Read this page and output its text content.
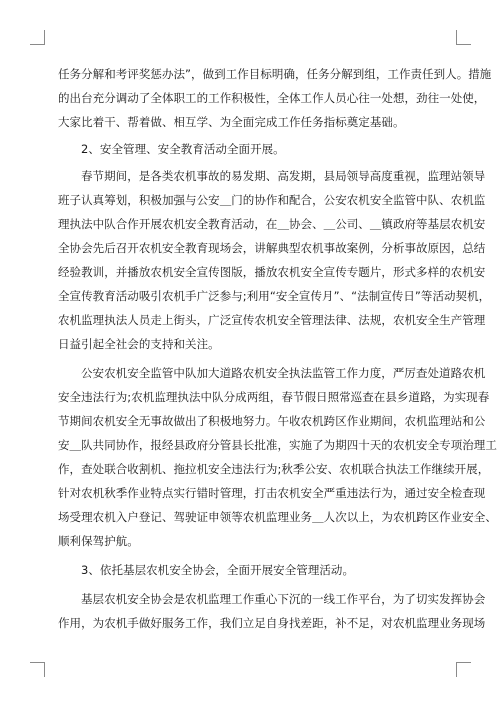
任务分解和考评奖惩办法”，做到工作目标明确，任务分解到组，工作责任到人。措施
的出台充分调动了全体职工的工作积极性，全体工作人员心往一处想，劲往一处使，
大家比着干、帮着做、相互学、为全面完成工作任务指标奠定基础。

2、安全管理、安全教育活动全面开展。

春节期间，是各类农机事故的易发期、高发期，县局领导高度重视，监理站领导
班子认真筹划，积极加强与公安＿门的协作和配合，公安农机安全监管中队、农机监
理执法中队合作开展农机安全教育活动，在＿协会、＿公司、＿镇政府等基层农机安
全协会先后召开农机安全教育现场会，讲解典型农机事故案例，分析事故原因，总结
经验教训，并播放农机安全宣传图版，播放农机安全宣传专题片，形式多样的农机安
全宣传教育活动吸引农机手广泛参与;利用“安全宣传月”、“法制宣传日”等活动契机，
农机监理执法人员走上街头，广泛宣传农机安全管理法律、法规，农机安全生产管理
日益引起全社会的支持和关注。

公安农机安全监管中队加大道路农机安全执法监管工作力度，严厉查处道路农机
安全违法行为;农机监理执法中队分成两组，春节假日照常巡查在县乡道路，为实现春
节期间农机安全无事故做出了积极地努力。午收农机跨区作业期间，农机监理站和公
安＿队共同协作，报经县政府分管县长批准，实施了为期四十天的农机安全专项治理工
作，查处联合收割机、拖拉机安全违法行为;秋季公安、农机联合执法工作继续开展，
针对农机秋季作业特点实行错时管理，打击农机安全严重违法行为，通过安全检查现
场受理农机入户登记、驾驶证申领等农机监理业务＿人次以上，为农机跨区作业安全、
顺利保驾护航。

3、依托基层农机安全协会，全面开展安全管理活动。

基层农机安全协会是农机监理工作重心下沉的一线工作平台，为了切实发挥协会
作用，为农机手做好服务工作，我们立足自身找差距，补不足，对农机监理业务现场
